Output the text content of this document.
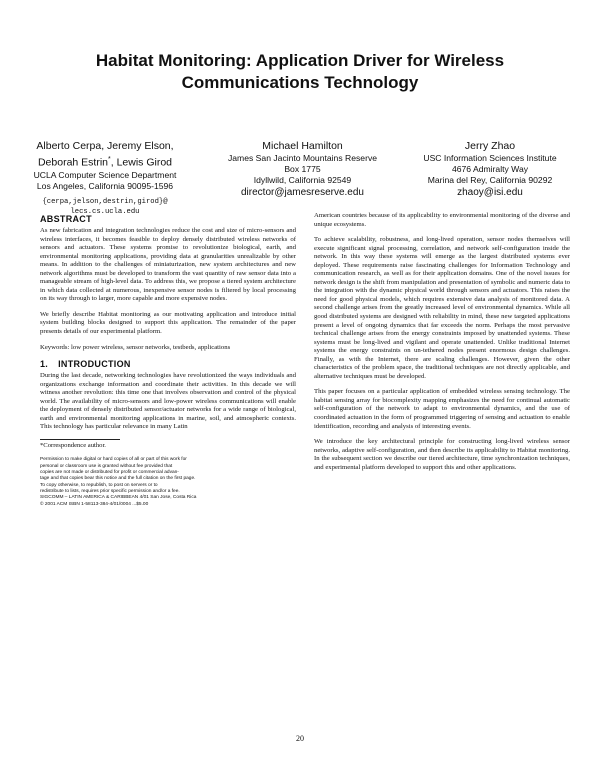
Habitat Monitoring: Application Driver for Wireless
Communications Technology
Alberto Cerpa, Jeremy Elson,
Deborah Estrin*, Lewis Girod
UCLA Computer Science Department
Los Angeles, California 90095-1596
{cerpa,jelson,destrin,girod}@
lecs.cs.ucla.edu
Michael Hamilton
James San Jacinto Mountains Reserve
Box 1775
Idyllwild, California 92549
director@jamesreserve.edu
Jerry Zhao
USC Information Sciences Institute
4676 Admiralty Way
Marina del Rey, California 90292
zhaoy@isi.edu
ABSTRACT

As new fabrication and integration technologies reduce the cost and size of micro-sensors and wireless interfaces, it becomes feasible to deploy densely distributed wireless networks of sensors and actuators. These systems promise to revolutionize biological, earth, and environmental monitoring applications, providing data at granularities unrealizable by other means. In addition to the challenges of miniaturization, new system architectures and new network algorithms must be developed to transform the vast quantity of raw sensor data into a manageable stream of high-level data. To address this, we propose a tiered system architecture in which data collected at numerous, inexpensive sensor nodes is filtered by local processing on its way through to larger, more capable and more expensive nodes.

We briefly describe Habitat monitoring as our motivating application and introduce initial system building blocks designed to support this application. The remainder of the paper presents details of our experimental platform.

Keywords: low power wireless, sensor networks, testbeds, applications

1. INTRODUCTION

During the last decade, networking technologies have revolutionized the ways individuals and organizations exchange information and coordinate their activities. In this decade we will witness another revolution: this time one that involves observation and control of the physical world. The availability of micro-sensors and low-power wireless communications will enable the deployment of densely distributed sensor/actuator networks for a wide range of biological, earth and environmental monitoring applications in marine, soil, and atmospheric contexts. This technology has particular relevance in many Latin

*Correspondence author.
Permission to make digital or hard copies of all or part of this work for
personal or classroom use is granted without fee provided that
copies are not made or distributed for profit or commercial advan-
tage and that copies bear this notice and the full citation on the first page.
To copy otherwise, to republish, to post on servers or to
redistribute to lists, requires prior specific permission and/or a fee.
SIGCOMM – LATIN AMERICA & CARIBBEAN 4/01 San Jose, Costa Rica
© 2001 ACM ISBN 1-58113-384-4/01/0004 ...$5.00

American countries because of its applicability to environmental monitoring of the diverse and unique ecosystems.

To achieve scalability, robustness, and long-lived operation, sensor nodes themselves will execute significant signal processing, correlation, and network self-configuration inside the network. In this way these systems will emerge as the largest distributed systems ever deployed. These requirements raise fascinating challenges for Information Technology and communication research, as well as for their application domains. One of the novel issues for network design is the shift from manipulation and presentation of symbolic and numeric data to the integration with the dynamic physical world through sensors and actuators. This raises the need for good physical models, which requires extensive data analysis of monitored data. A second challenge arises from the greatly increased level of environmental dynamics. While all good distributed systems are designed with reliability in mind, these new targeted applications present a level of ongoing dynamics that far exceeds the norm. Perhaps the most pervasive technical challenge arises from the energy constraints imposed by unattended systems. These systems must be long-lived and vigilant and operate unattended. Unlike traditional Internet systems the energy constraints on un-tethered nodes present enormous design challenges. Finally, as with the Internet, there are scaling challenges. However, given the other characteristics of the problem space, the traditional techniques are not directly applicable, and alternative techniques must be developed.

This paper focuses on a particular application of embedded wireless sensing technology. The habitat sensing array for biocomplexity mapping emphasizes the need for continual automatic self-configuration of the network to adapt to environmental dynamics, and the use of coordinated actuation in the form of programmed triggering of sensing and actuation to enable identification, recording and analysis of interesting events.

We introduce the key architectural principle for constructing long-lived wireless sensor networks, adaptive self-configuration, and then describe its applicability to Habitat monitoring. In the subsequent section we describe our tiered architecture, time synchronization techniques, and experimental platform developed to support this and other applications.

20
